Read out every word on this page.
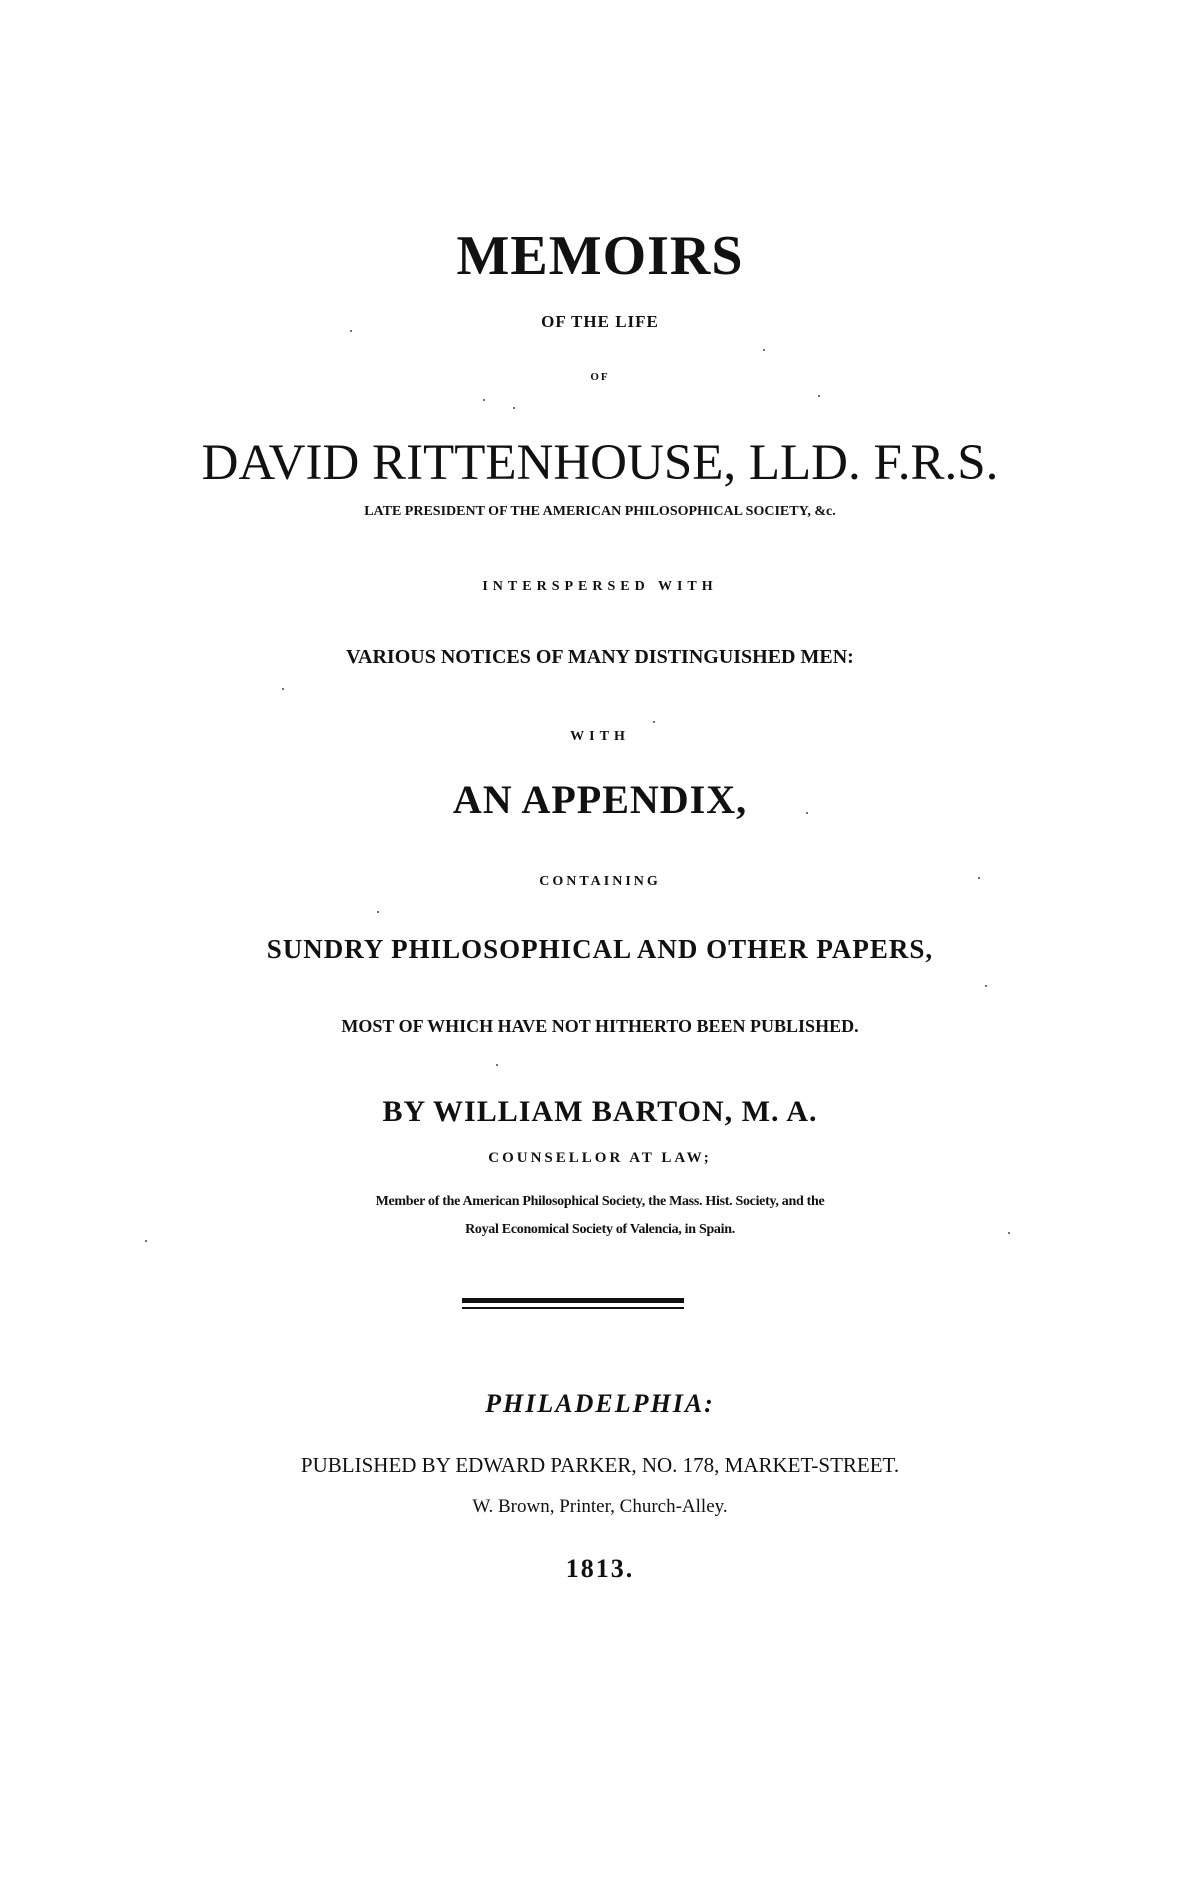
MEMOIRS
OF THE LIFE
OF
DAVID RITTENHOUSE, LLD. F.R.S.
LATE PRESIDENT OF THE AMERICAN PHILOSOPHICAL SOCIETY, &c.
INTERSPERSED WITH
VARIOUS NOTICES OF MANY DISTINGUISHED MEN:
WITH
AN APPENDIX,
CONTAINING
SUNDRY PHILOSOPHICAL AND OTHER PAPERS,
MOST OF WHICH HAVE NOT HITHERTO BEEN PUBLISHED.
BY WILLIAM BARTON, M. A.
COUNSELLOR AT LAW;
Member of the American Philosophical Society, the Mass. Hist. Society, and the
Royal Economical Society of Valencia, in Spain.
PHILADELPHIA:
PUBLISHED BY EDWARD PARKER, NO. 178, MARKET-STREET.
W. Brown, Printer, Church-Alley.
1813.
